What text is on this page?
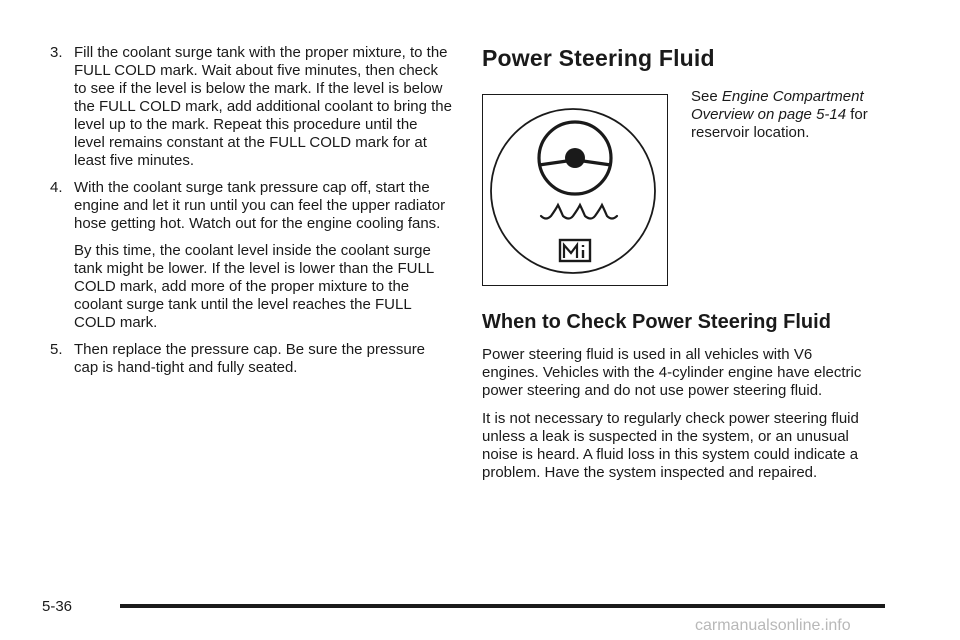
3. Fill the coolant surge tank with the proper mixture, to the FULL COLD mark. Wait about five minutes, then check to see if the level is below the mark. If the level is below the FULL COLD mark, add additional coolant to bring the level up to the mark. Repeat this procedure until the level remains constant at the FULL COLD mark for at least five minutes.

4. With the coolant surge tank pressure cap off, start the engine and let it run until you can feel the upper radiator hose getting hot. Watch out for the engine cooling fans.

By this time, the coolant level inside the coolant surge tank might be lower. If the level is lower than the FULL COLD mark, add more of the proper mixture to the coolant surge tank until the level reaches the FULL COLD mark.

5. Then replace the pressure cap. Be sure the pressure cap is hand-tight and fully seated.

Power Steering Fluid
See Engine Compartment Overview on page 5-14 for reservoir location.
When to Check Power Steering Fluid

Power steering fluid is used in all vehicles with V6 engines. Vehicles with the 4-cylinder engine have electric power steering and do not use power steering fluid.

It is not necessary to regularly check power steering fluid unless a leak is suspected in the system, or an unusual noise is heard. A fluid loss in this system could indicate a problem. Have the system inspected and repaired.

5-36
carmanualsonline.info
